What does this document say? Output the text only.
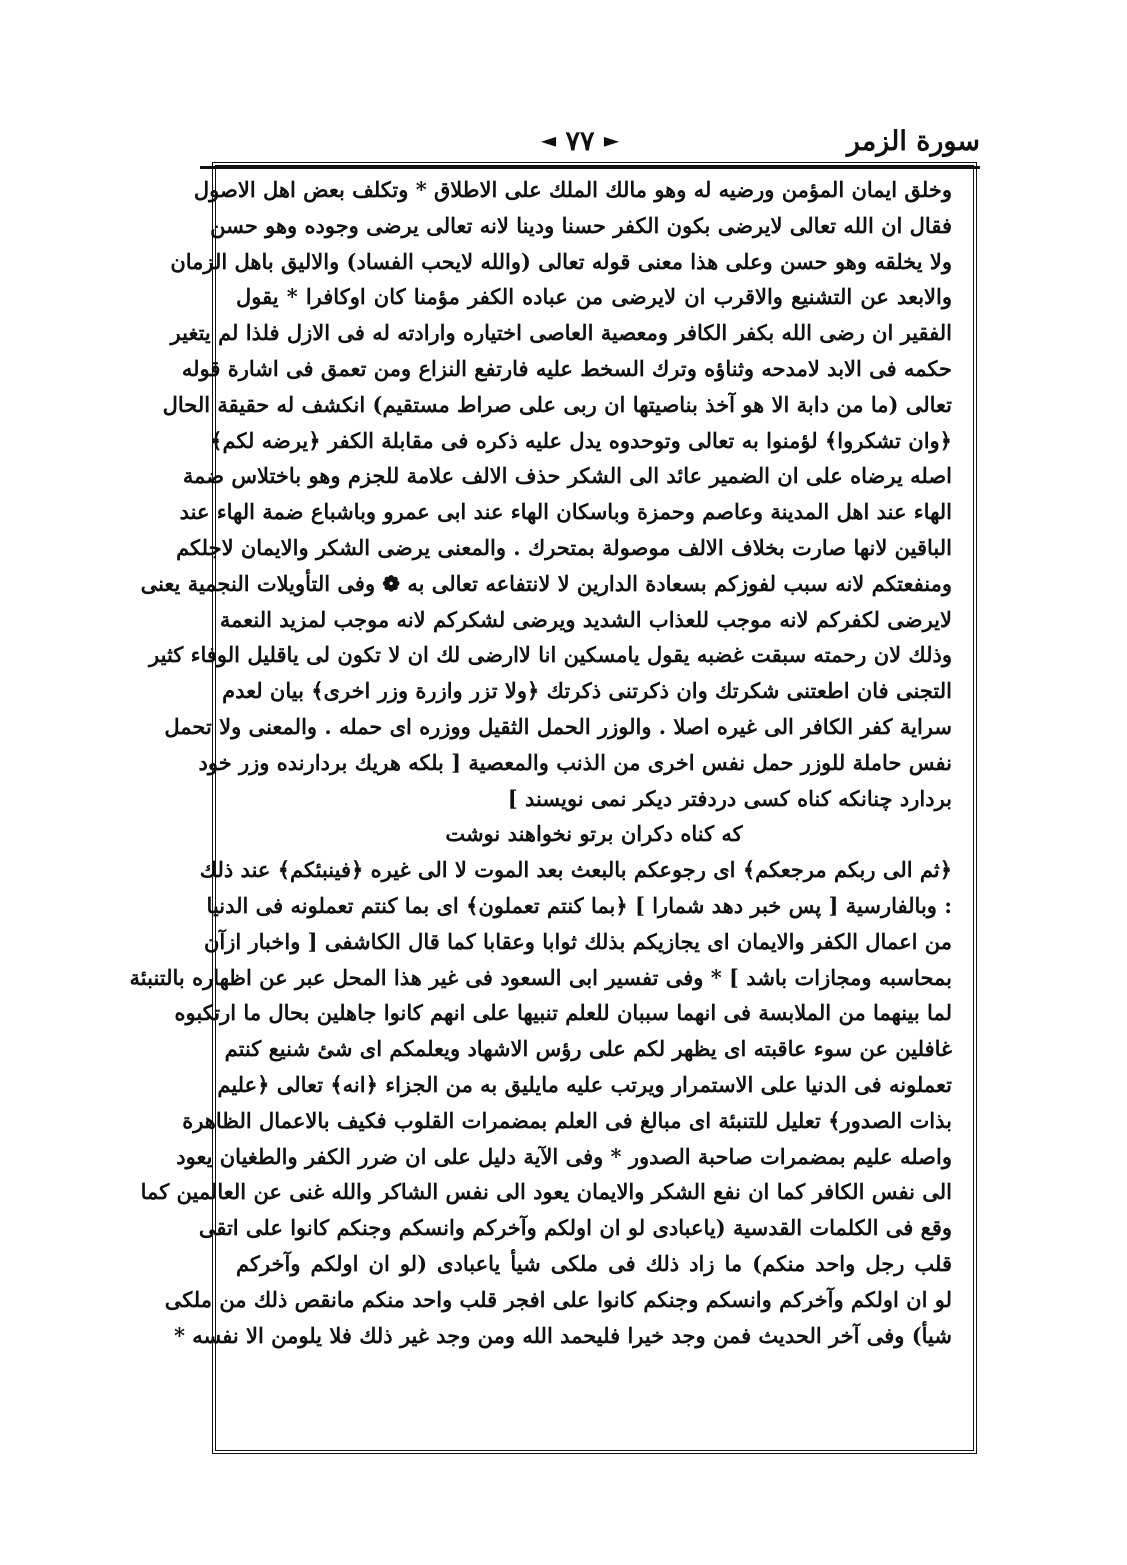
سورة الزمر
◄ ٧٧ ►
وخلق ايمان المؤمن ورضيه له وهو مالك الملك على الاطلاق * وتكلف بعض اهل الاصول
فقال ان الله تعالى لايرضى بكون الكفر حسنا ودينا لانه تعالى يرضى وجوده وهو حسن
ولا يخلقه وهو حسن وعلى هذا معنى قوله تعالى (والله لايحب الفساد) والاليق باهل الزمان
والابعد عن التشنيع والاقرب ان لايرضى من عباده الكفر مؤمنا كان اوكافرا * يقول
الفقير ان رضى الله بكفر الكافر ومعصية العاصى اختياره وارادته له فى الازل فلذا لم يتغير
حكمه فى الابد لامدحه وثناؤه وترك السخط عليه فارتفع النزاع ومن تعمق فى اشارة قوله
تعالى (ما من دابة الا هو آخذ بناصيتها ان ربى على صراط مستقيم) انكشف له حقيقة الحال
﴿وان تشكروا﴾ لؤمنوا به تعالى وتوحدوه يدل عليه ذكره فى مقابلة الكفر ﴿يرضه لكم﴾
اصله يرضاه على ان الضمير عائد الى الشكر حذف الالف علامة للجزم وهو باختلاس ضمة
الهاء عند اهل المدينة وعاصم وحمزة وباسكان الهاء عند ابى عمرو وباشباع ضمة الهاء عند
الباقين لانها صارت بخلاف الالف موصولة بمتحرك . والمعنى يرضى الشكر والايمان لاجلكم
ومنفعتكم لانه سبب لفوزكم بسعادة الدارين لا لانتفاعه تعالى به ❁ وفى التأويلات النجمية يعنى
لايرضى لكفركم لانه موجب للعذاب الشديد ويرضى لشكركم لانه موجب لمزيد النعمة
وذلك لان رحمته سبقت غضبه يقول يامسكين انا لاارضى لك ان لا تكون لى ياقليل الوفاء كثير
التجنى فان اطعتنى شكرتك وان ذكرتنى ذكرتك ﴿ولا تزر وازرة وزر اخرى﴾ بيان لعدم
سراية كفر الكافر الى غيره اصلا . والوزر الحمل الثقيل ووزره اى حمله . والمعنى ولا تحمل
نفس حاملة للوزر حمل نفس اخرى من الذنب والمعصية [ بلكه هريك بردارنده وزر خود
بردارد چنانكه كناه كسى دردفتر ديكر نمى نويسند ]
كه كناه دكران برتو نخواهند نوشت
﴿ثم الى ربكم مرجعكم﴾ اى رجوعكم بالبعث بعد الموت لا الى غيره ﴿فينبئكم﴾ عند ذلك
: وبالفارسية [ پس خبر دهد شمارا ] ﴿بما كنتم تعملون﴾ اى بما كنتم تعملونه فى الدنيا
من اعمال الكفر والايمان اى يجازيكم بذلك ثوابا وعقابا كما قال الكاشفى [ واخبار ازآن
بمحاسبه ومجازات باشد ] * وفى تفسير ابى السعود فى غير هذا المحل عبر عن اظهاره بالتنبئة
لما بينهما من الملابسة فى انهما سببان للعلم تنبيها على انهم كانوا جاهلين بحال ما ارتكبوه
غافلين عن سوء عاقبته اى يظهر لكم على رؤس الاشهاد ويعلمكم اى شئ شنيع كنتم
تعملونه فى الدنيا على الاستمرار ويرتب عليه مايليق به من الجزاء ﴿انه﴾ تعالى ﴿عليم
بذات الصدور﴾ تعليل للتنبئة اى مبالغ فى العلم بمضمرات القلوب فكيف بالاعمال الظاهرة
واصله عليم بمضمرات صاحبة الصدور * وفى الآية دليل على ان ضرر الكفر والطغيان يعود
الى نفس الكافر كما ان نفع الشكر والايمان يعود الى نفس الشاكر والله غنى عن العالمين كما
وقع فى الكلمات القدسية (ياعبادى لو ان اولكم وآخركم وانسكم وجنكم كانوا على اتقى
قلب رجل واحد منكم) ما زاد ذلك فى ملكى شيأ ياعبادى (لو ان اولكم وآخركم
لو ان اولكم وآخركم وانسكم وجنكم كانوا على افجر قلب واحد منكم مانقص ذلك من ملكى
شيأ) وفى آخر الحديث فمن وجد خيرا فليحمد الله ومن وجد غير ذلك فلا يلومن الا نفسه *
